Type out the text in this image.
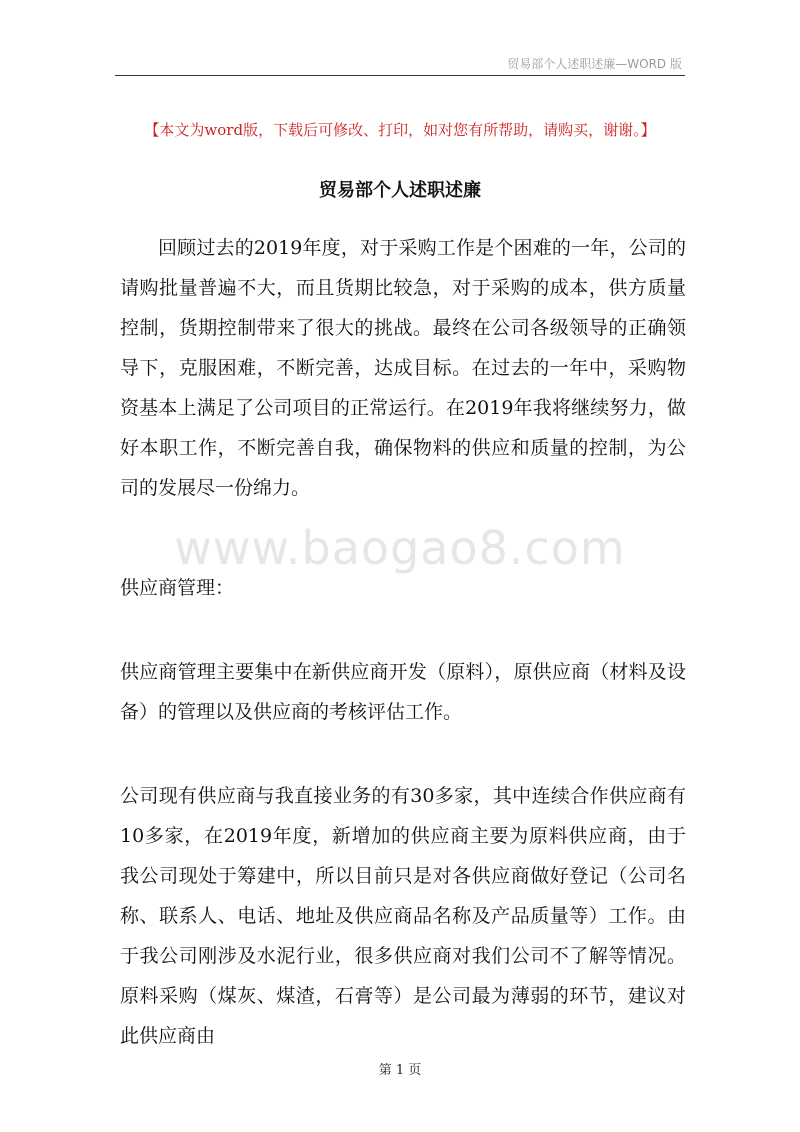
贸易部个人述职述廉—WORD 版
【本文为word版，下载后可修改、打印，如对您有所帮助，请购买，谢谢。】
贸易部个人述职述廉

回顾过去的2019年度，对于采购工作是个困难的一年，公司的请购批量普遍不大，而且货期比较急，对于采购的成本，供方质量控制，货期控制带来了很大的挑战。最终在公司各级领导的正确领导下，克服困难，不断完善，达成目标。在过去的一年中，采购物资基本上满足了公司项目的正常运行。在2019年我将继续努力，做好本职工作，不断完善自我，确保物料的供应和质量的控制，为公司的发展尽一份绵力。

www.baogao8.com

供应商管理：

供应商管理主要集中在新供应商开发（原料），原供应商（材料及设备）的管理以及供应商的考核评估工作。

公司现有供应商与我直接业务的有30多家，其中连续合作供应商有10多家，在2019年度，新增加的供应商主要为原料供应商，由于我公司现处于筹建中，所以目前只是对各供应商做好登记（公司名称、联系人、电话、地址及供应商品名称及产品质量等）工作。由于我公司刚涉及水泥行业，很多供应商对我们公司不了解等情况。原料采购（煤灰、煤渣，石膏等）是公司最为薄弱的环节，建议对此供应商由

第 1 页
